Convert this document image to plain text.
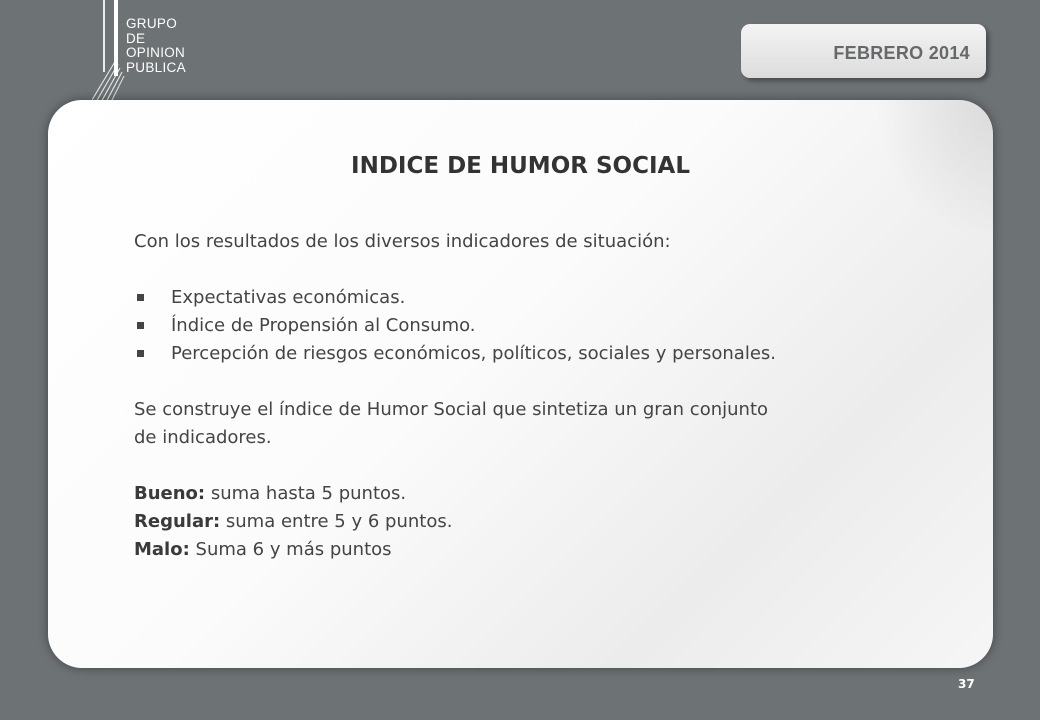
GRUPO
DE
OPINION
PUBLICA
FEBRERO 2014
INDICE DE HUMOR SOCIAL

Con los resultados de los diversos indicadores de situación:

Expectativas económicas.
Índice de Propensión al Consumo.
Percepción de riesgos económicos, políticos, sociales y personales.

Se construye el índice de Humor Social que sintetiza un gran conjunto

de indicadores.

Bueno: suma hasta 5 puntos.

Regular: suma entre 5 y 6 puntos.

Malo: Suma 6 y más puntos

37
